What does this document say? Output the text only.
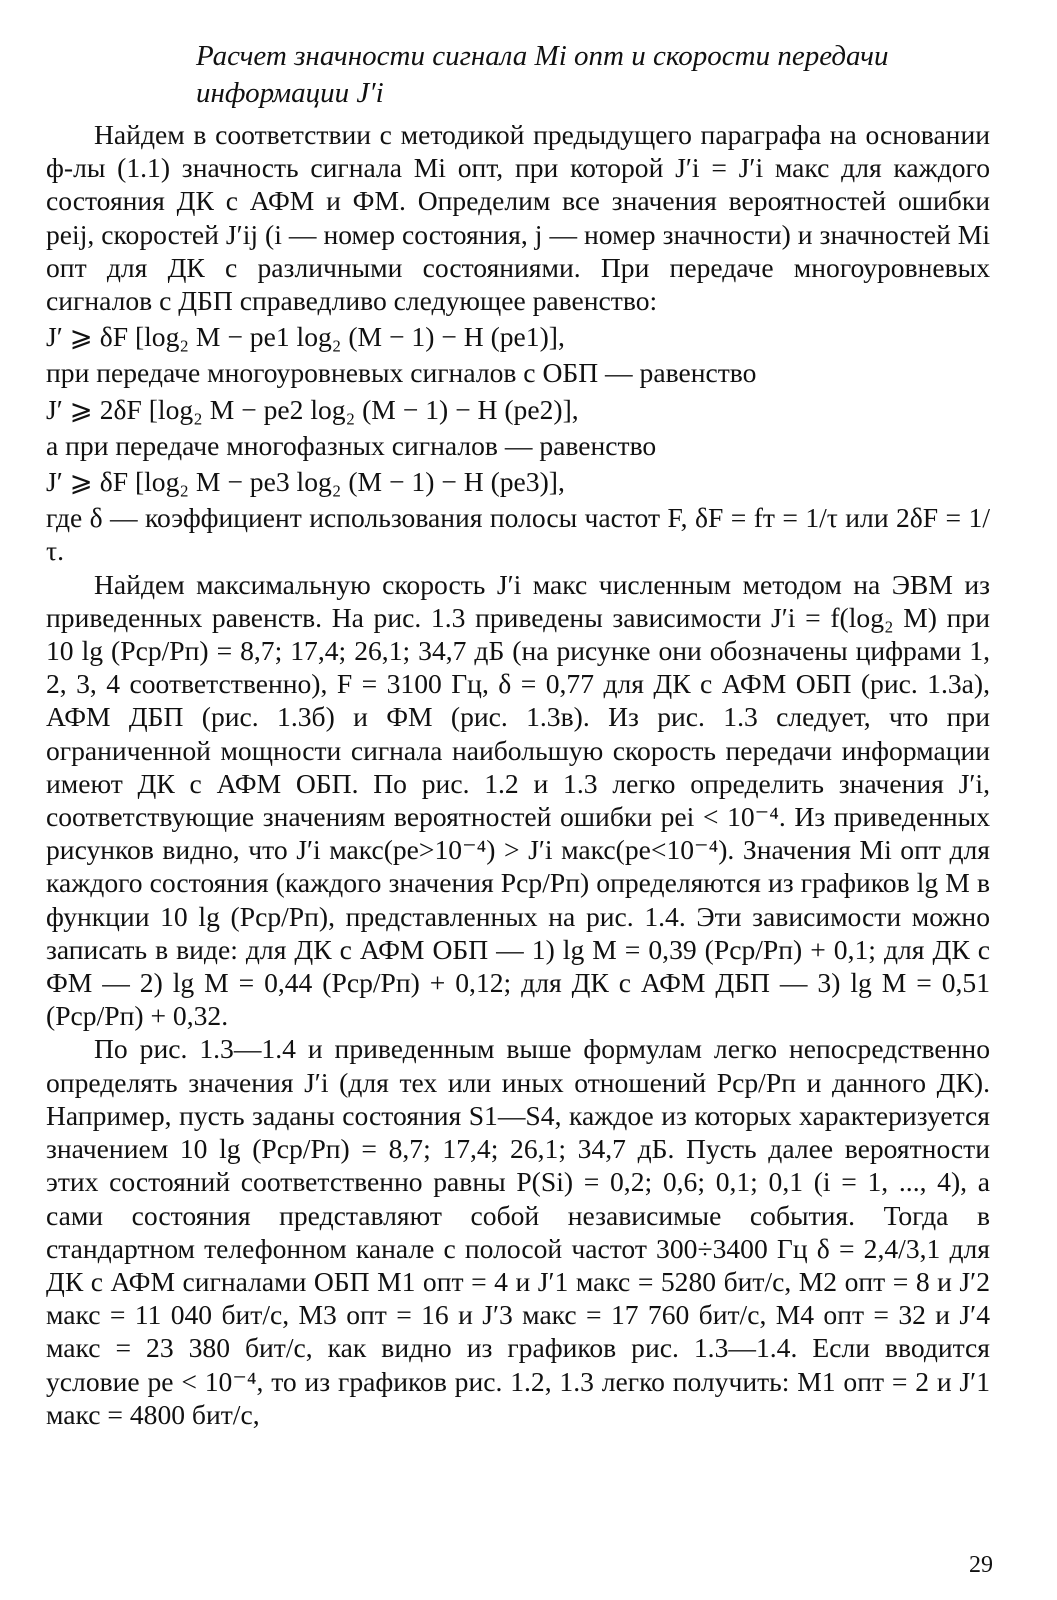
Расчет значности сигнала Mi опт и скорости передачи информации J′i

Найдем в соответствии с методикой предыдущего параграфа на основании ф-лы (1.1) значность сигнала Mi опт, при которой J′i = J′i макс для каждого состояния ДК с АФМ и ФМ. Определим все значения вероятностей ошибки peij, скоростей J′ij (i — номер состояния, j — номер значности) и значностей Mi опт для ДК с различными состояниями. При передаче многоуровневых сигналов с ДБП справедливо следующее равенство:

J′ ⩾ δF [log₂ M − pe1 log₂ (M − 1) − H (pe1)],

при передаче многоуровневых сигналов с ОБП — равенство

J′ ⩾ 2δF [log₂ M − pe2 log₂ (M − 1) − H (pe2)],

а при передаче многофазных сигналов — равенство

J′ ⩾ δF [log₂ M − pe3 log₂ (M − 1) − H (pe3)],

где δ — коэффициент использования полосы частот F, δF = fт = 1/τ или 2δF = 1/τ.

Найдем максимальную скорость J′i макс численным методом на ЭВМ из приведенных равенств. На рис. 1.3 приведены зависимости J′i = f(log₂ M) при 10 lg (Pср/Pп) = 8,7; 17,4; 26,1; 34,7 дБ (на рисунке они обозначены цифрами 1, 2, 3, 4 соответственно), F = 3100 Гц, δ = 0,77 для ДК с АФМ ОБП (рис. 1.3а), АФМ ДБП (рис. 1.3б) и ФМ (рис. 1.3в). Из рис. 1.3 следует, что при ограниченной мощности сигнала наибольшую скорость передачи информации имеют ДК с АФМ ОБП. По рис. 1.2 и 1.3 легко определить значения J′i, соответствующие значениям вероятностей ошибки pei < 10⁻⁴. Из приведенных рисунков видно, что J′i макс(pe>10⁻⁴) > J′i макс(pe<10⁻⁴). Значения Mi опт для каждого состояния (каждого значения Pср/Pп) определяются из графиков lg M в функции 10 lg (Pср/Pп), представленных на рис. 1.4. Эти зависимости можно записать в виде: для ДК с АФМ ОБП — 1) lg M = 0,39 (Pср/Pп) + 0,1; для ДК с ФМ — 2) lg M = 0,44 (Pср/Pп) + 0,12; для ДК с АФМ ДБП — 3) lg M = 0,51 (Pср/Pп) + 0,32.

По рис. 1.3—1.4 и приведенным выше формулам легко непосредственно определять значения J′i (для тех или иных отношений Pср/Pп и данного ДК). Например, пусть заданы состояния S1—S4, каждое из которых характеризуется значением 10 lg (Pср/Pп) = 8,7; 17,4; 26,1; 34,7 дБ. Пусть далее вероятности этих состояний соответственно равны P(Si) = 0,2; 0,6; 0,1; 0,1 (i = 1, ..., 4), а сами состояния представляют собой независимые события. Тогда в стандартном телефонном канале с полосой частот 300÷3400 Гц δ = 2,4/3,1 для ДК с АФМ сигналами ОБП M1 опт = 4 и J′1 макс = 5280 бит/с, M2 опт = 8 и J′2 макс = 11 040 бит/с, M3 опт = 16 и J′3 макс = 17 760 бит/с, M4 опт = 32 и J′4 макс = 23 380 бит/с, как видно из графиков рис. 1.3—1.4. Если вводится условие pe < 10⁻⁴, то из графиков рис. 1.2, 1.3 легко получить: M1 опт = 2 и J′1 макс = 4800 бит/с,

29
